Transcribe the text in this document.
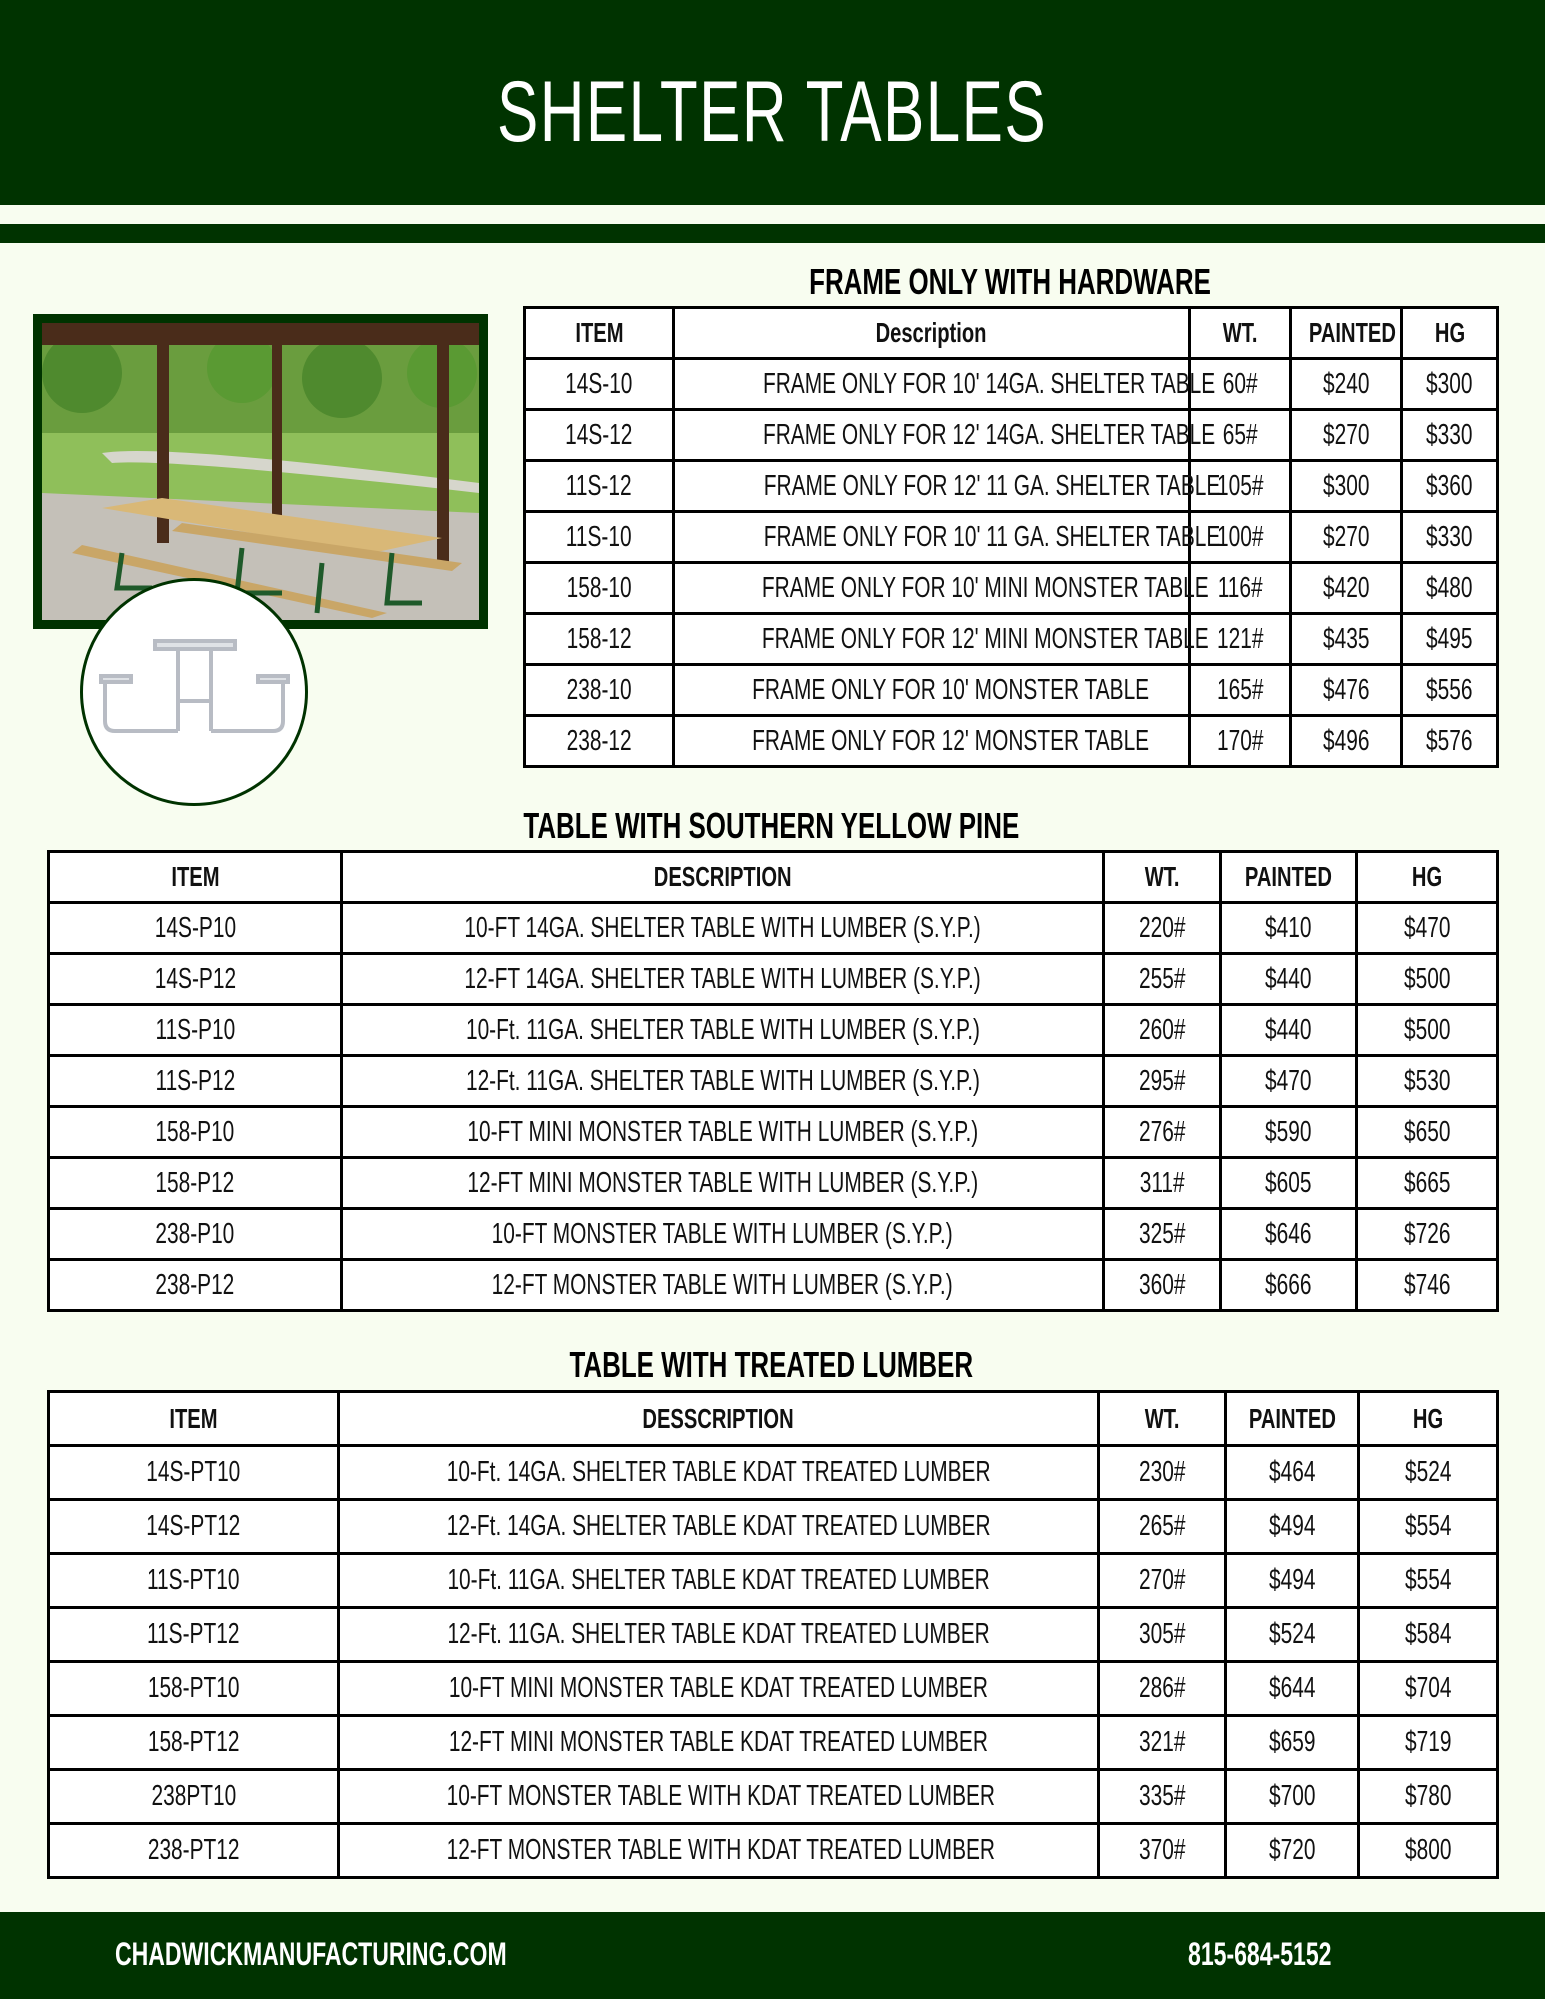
SHELTER TABLES
FRAME ONLY WITH HARDWARE
ITEM	Description	WT.	PAINTED	HG
14S-10	FRAME ONLY FOR 10' 14GA. SHELTER TABLE	60#	$240	$300
14S-12	FRAME ONLY FOR 12' 14GA. SHELTER TABLE	65#	$270	$330
11S-12	FRAME ONLY FOR 12' 11 GA. SHELTER TABLE	105#	$300	$360
11S-10	FRAME ONLY FOR 10' 11 GA. SHELTER TABLE	100#	$270	$330
158-10	FRAME ONLY FOR 10' MINI MONSTER TABLE	116#	$420	$480
158-12	FRAME ONLY FOR 12' MINI MONSTER TABLE	121#	$435	$495
238-10	FRAME ONLY FOR 10' MONSTER TABLE	165#	$476	$556
238-12	FRAME ONLY FOR 12' MONSTER TABLE	170#	$496	$576
TABLE WITH SOUTHERN YELLOW PINE
ITEM	DESCRIPTION	WT.	PAINTED	HG
14S-P10	10-FT 14GA. SHELTER TABLE WITH LUMBER (S.Y.P.)	220#	$410	$470
14S-P12	12-FT 14GA. SHELTER TABLE WITH LUMBER (S.Y.P.)	255#	$440	$500
11S-P10	10-Ft. 11GA. SHELTER TABLE WITH LUMBER (S.Y.P.)	260#	$440	$500
11S-P12	12-Ft. 11GA. SHELTER TABLE WITH LUMBER (S.Y.P.)	295#	$470	$530
158-P10	10-FT MINI MONSTER TABLE WITH LUMBER (S.Y.P.)	276#	$590	$650
158-P12	12-FT MINI MONSTER TABLE WITH LUMBER (S.Y.P.)	311#	$605	$665
238-P10	10-FT MONSTER TABLE WITH LUMBER (S.Y.P.)	325#	$646	$726
238-P12	12-FT MONSTER TABLE WITH LUMBER (S.Y.P.)	360#	$666	$746
TABLE WITH TREATED LUMBER
ITEM	DESSCRIPTION	WT.	PAINTED	HG
14S-PT10	10-Ft. 14GA. SHELTER TABLE KDAT TREATED LUMBER	230#	$464	$524
14S-PT12	12-Ft. 14GA. SHELTER TABLE KDAT TREATED LUMBER	265#	$494	$554
11S-PT10	10-Ft. 11GA. SHELTER TABLE KDAT TREATED LUMBER	270#	$494	$554
11S-PT12	12-Ft. 11GA. SHELTER TABLE KDAT TREATED LUMBER	305#	$524	$584
158-PT10	10-FT MINI MONSTER TABLE KDAT TREATED LUMBER	286#	$644	$704
158-PT12	12-FT MINI MONSTER TABLE KDAT TREATED LUMBER	321#	$659	$719
238PT10	10-FT MONSTER TABLE WITH KDAT TREATED LUMBER	335#	$700	$780
238-PT12	12-FT MONSTER TABLE WITH KDAT TREATED LUMBER	370#	$720	$800
CHADWICKMANUFACTURING.COM	815-684-5152
